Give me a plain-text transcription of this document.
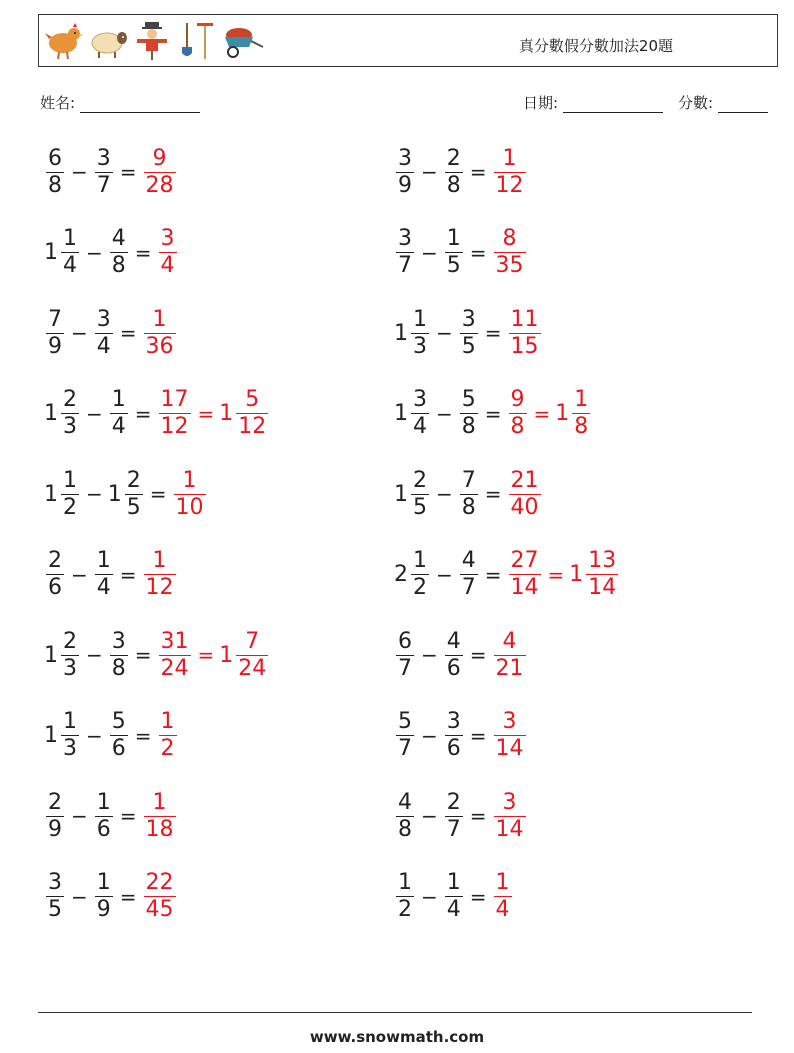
真分數假分數加法20題
姓名:	日期:	分數:
$\frac{6}{8} - \frac{3}{7} = \frac{9}{28}$	$\frac{3}{9} - \frac{2}{8} = \frac{1}{12}$
$1 \frac{1}{4} - \frac{4}{8} = \frac{3}{4}$	$\frac{3}{7} - \frac{1}{5} = \frac{8}{35}$
$\frac{7}{9} - \frac{3}{4} = \frac{1}{36}$	$1 \frac{1}{3} - \frac{3}{5} = \frac{11}{15}$
$1 \frac{2}{3} - \frac{1}{4} = \frac{17}{12} = 1 \frac{5}{12}$	$1 \frac{3}{4} - \frac{5}{8} = \frac{9}{8} = 1 \frac{1}{8}$
$1 \frac{1}{2} - 1 \frac{2}{5} = \frac{1}{10}$	$1 \frac{2}{5} - \frac{7}{8} = \frac{21}{40}$
$\frac{2}{6} - \frac{1}{4} = \frac{1}{12}$	$2 \frac{1}{2} - \frac{4}{7} = \frac{27}{14} = 1 \frac{13}{14}$
$1 \frac{2}{3} - \frac{3}{8} = \frac{31}{24} = 1 \frac{7}{24}$	$\frac{6}{7} - \frac{4}{6} = \frac{4}{21}$
$1 \frac{1}{3} - \frac{5}{6} = \frac{1}{2}$	$\frac{5}{7} - \frac{3}{6} = \frac{3}{14}$
$\frac{2}{9} - \frac{1}{6} = \frac{1}{18}$	$\frac{4}{8} - \frac{2}{7} = \frac{3}{14}$
$\frac{3}{5} - \frac{1}{9} = \frac{22}{45}$	$\frac{1}{2} - \frac{1}{4} = \frac{1}{4}$
www.snowmath.com
